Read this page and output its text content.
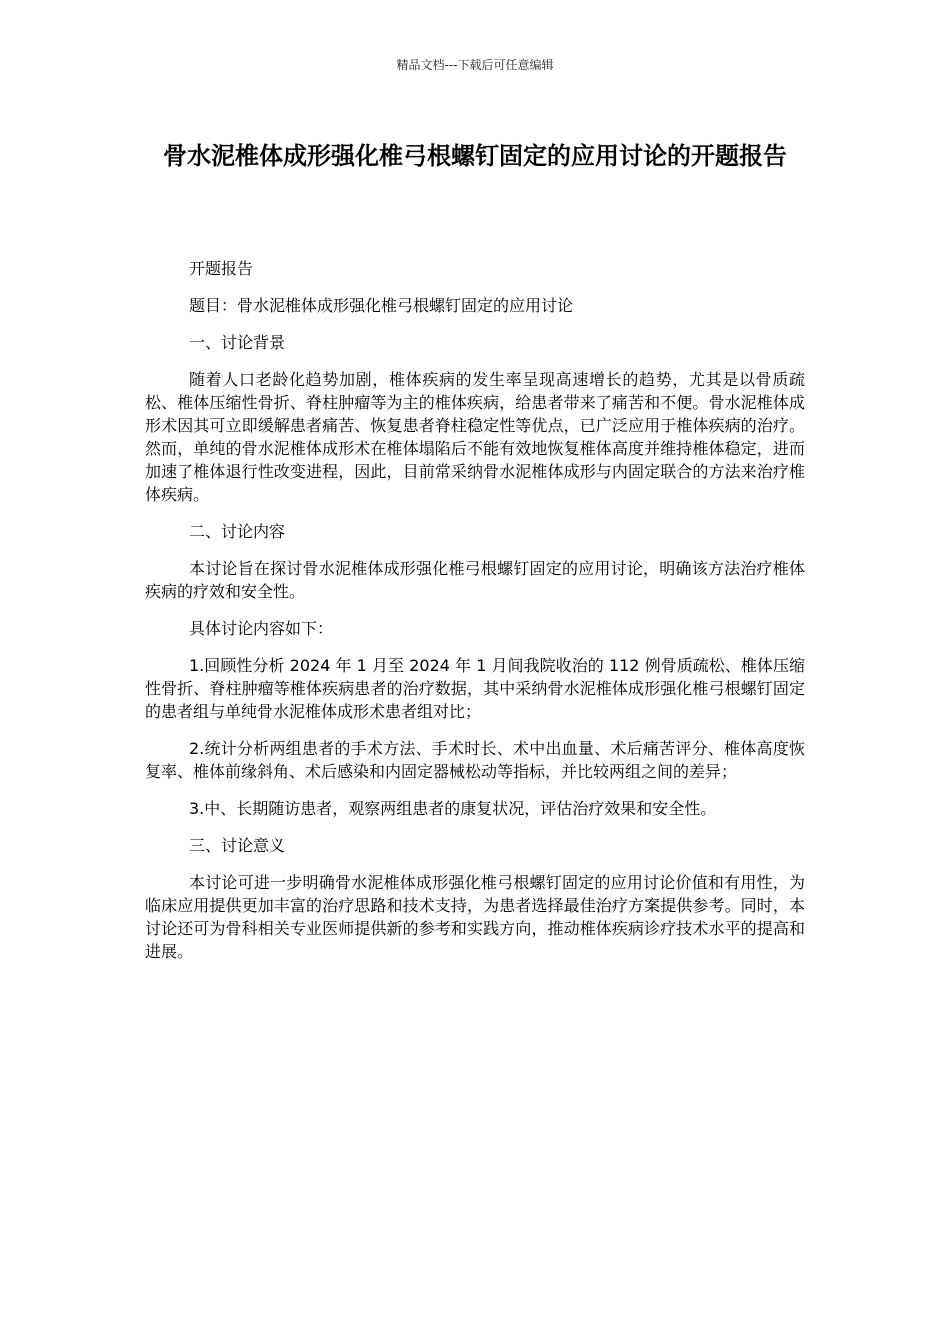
精品文档---下载后可任意编辑
骨水泥椎体成形强化椎弓根螺钉固定的应用讨论的开题报告

开题报告

题目：骨水泥椎体成形强化椎弓根螺钉固定的应用讨论

一、讨论背景

随着人口老龄化趋势加剧，椎体疾病的发生率呈现高速增长的趋势，尤其是以骨质疏松、椎体压缩性骨折、脊柱肿瘤等为主的椎体疾病，给患者带来了痛苦和不便。骨水泥椎体成形术因其可立即缓解患者痛苦、恢复患者脊柱稳定性等优点，已广泛应用于椎体疾病的治疗。然而，单纯的骨水泥椎体成形术在椎体塌陷后不能有效地恢复椎体高度并维持椎体稳定，进而加速了椎体退行性改变进程，因此，目前常采纳骨水泥椎体成形与内固定联合的方法来治疗椎体疾病。

二、讨论内容

本讨论旨在探讨骨水泥椎体成形强化椎弓根螺钉固定的应用讨论，明确该方法治疗椎体疾病的疗效和安全性。

具体讨论内容如下：

1.回顾性分析 2024 年 1 月至 2024 年 1 月间我院收治的 112 例骨质疏松、椎体压缩性骨折、脊柱肿瘤等椎体疾病患者的治疗数据，其中采纳骨水泥椎体成形强化椎弓根螺钉固定的患者组与单纯骨水泥椎体成形术患者组对比；

2.统计分析两组患者的手术方法、手术时长、术中出血量、术后痛苦评分、椎体高度恢复率、椎体前缘斜角、术后感染和内固定器械松动等指标，并比较两组之间的差异；

3.中、长期随访患者，观察两组患者的康复状况，评估治疗效果和安全性。

三、讨论意义

本讨论可进一步明确骨水泥椎体成形强化椎弓根螺钉固定的应用讨论价值和有用性，为临床应用提供更加丰富的治疗思路和技术支持，为患者选择最佳治疗方案提供参考。同时，本讨论还可为骨科相关专业医师提供新的参考和实践方向，推动椎体疾病诊疗技术水平的提高和进展。
